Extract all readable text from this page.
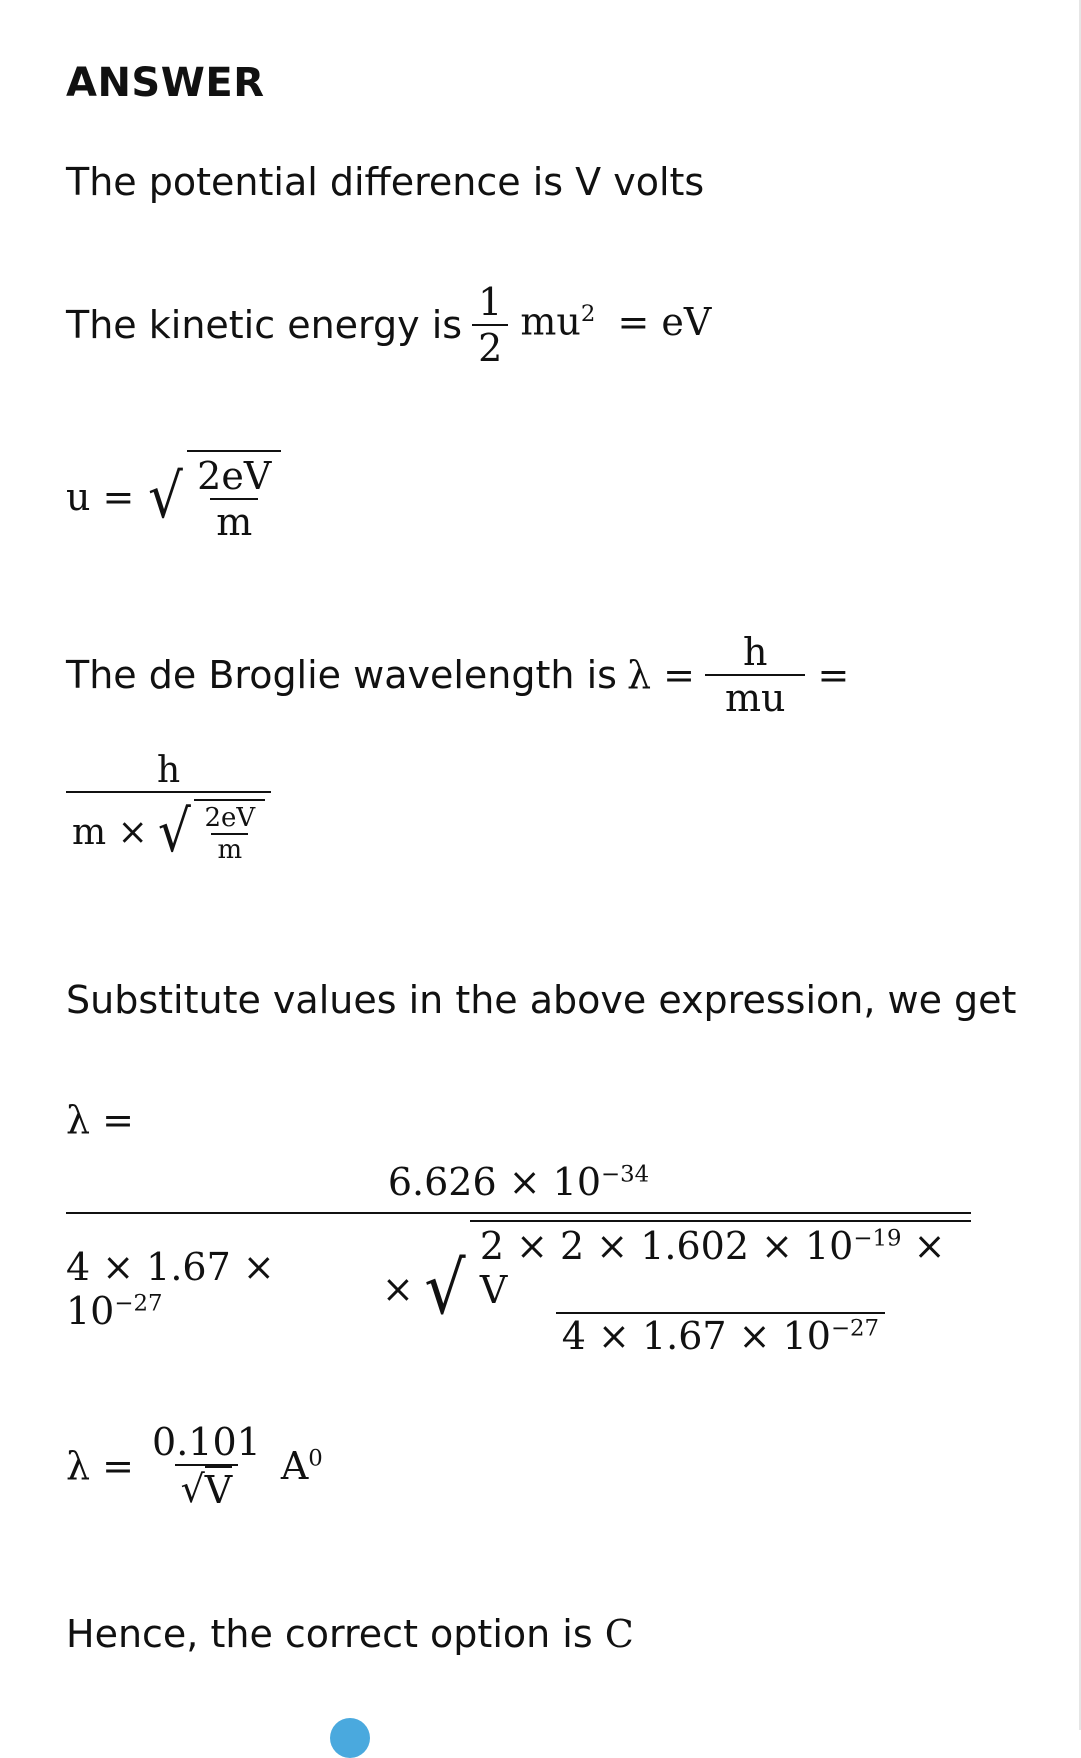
ANSWER
The potential difference is V volts
The kinetic energy is $\frac{1}{2} mu^2$ = eV
u = √ $\frac{2eV}{m}$
The de Broglie wavelength is $\lambda = \frac{h}{mu}$ =
h
m × √ $\frac{2eV}{m}$
Substitute values in the above expression, we get
λ =
$6.626 \times 10^{-34}$
$4 \times 1.67 \times 10^{-27}$	× √ $\frac{2 \times 2 \times 1.602 \times 10^{-19} \times V}{4 \times 1.67 \times 10^{-27}}$
$\lambda = \frac{0.101}{√ V} A^0$
Hence, the correct option is C
